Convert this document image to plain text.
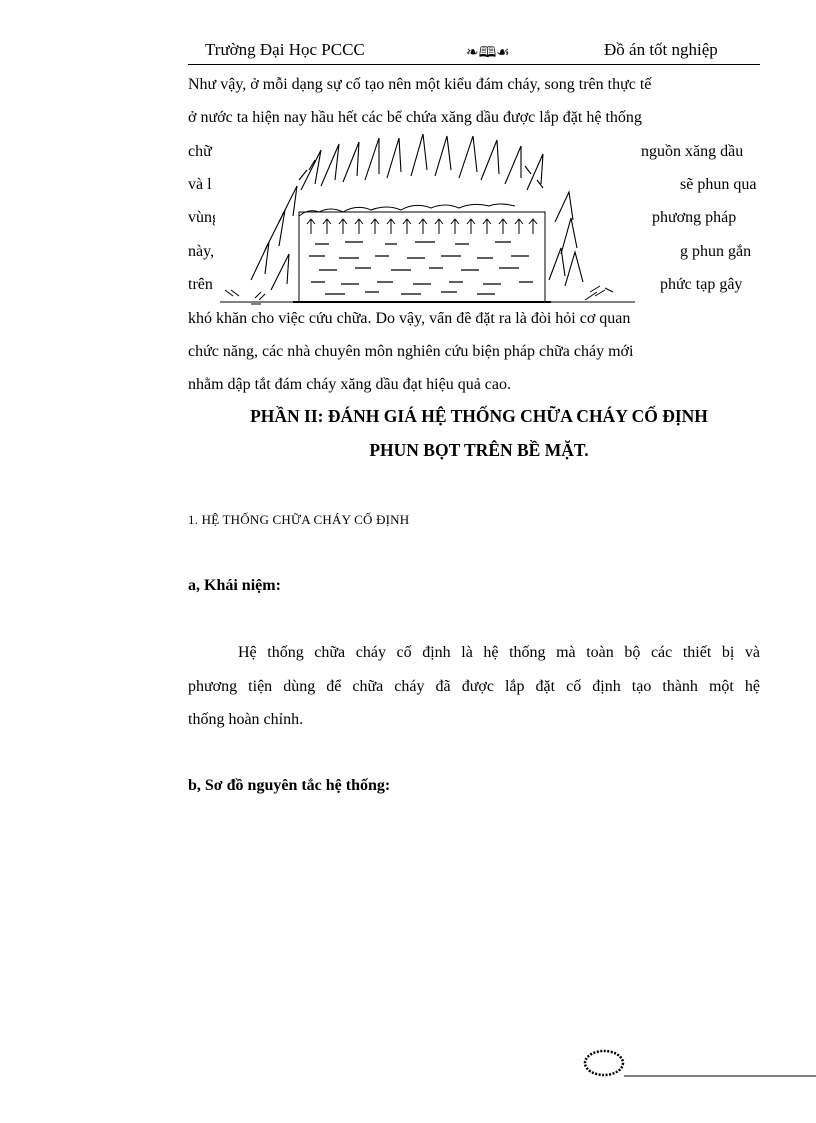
Trường Đại Học PCCC	❧🕮☙	Đồ án tốt nghiệp
Như vậy, ở mỗi dạng sự cố tạo nên một kiểu đám cháy, song trên thực tế
ở nước ta hiện nay hầu hết các bể chứa xăng dầu được lắp đặt hệ thống
chữ	nguồn xăng dầu
và l	sẽ phun qua
vùng	phương pháp
này,	g phun gắn
trên	phức tạp gây
khó khăn cho việc cứu chữa. Do vậy, vấn đề đặt ra là đòi hỏi cơ quan
chức năng, các nhà chuyên môn nghiên cứu biện pháp chữa cháy mới
nhằm dập tắt đám cháy xăng dầu đạt hiệu quả cao.
PHẦN II: ĐÁNH GIÁ HỆ THỐNG CHỮA CHÁY CỐ ĐỊNH
PHUN BỌT TRÊN BỀ MẶT.
1. HỆ THỐNG CHỮA CHÁY CỐ ĐỊNH
a, Khái niệm:
Hệ thống chữa cháy cố định là hệ thống mà toàn bộ các thiết bị và
phương tiện dùng để chữa cháy đã được lắp đặt cố định tạo thành một hệ
thống hoàn chỉnh.
b, Sơ đồ nguyên tắc hệ thống:
